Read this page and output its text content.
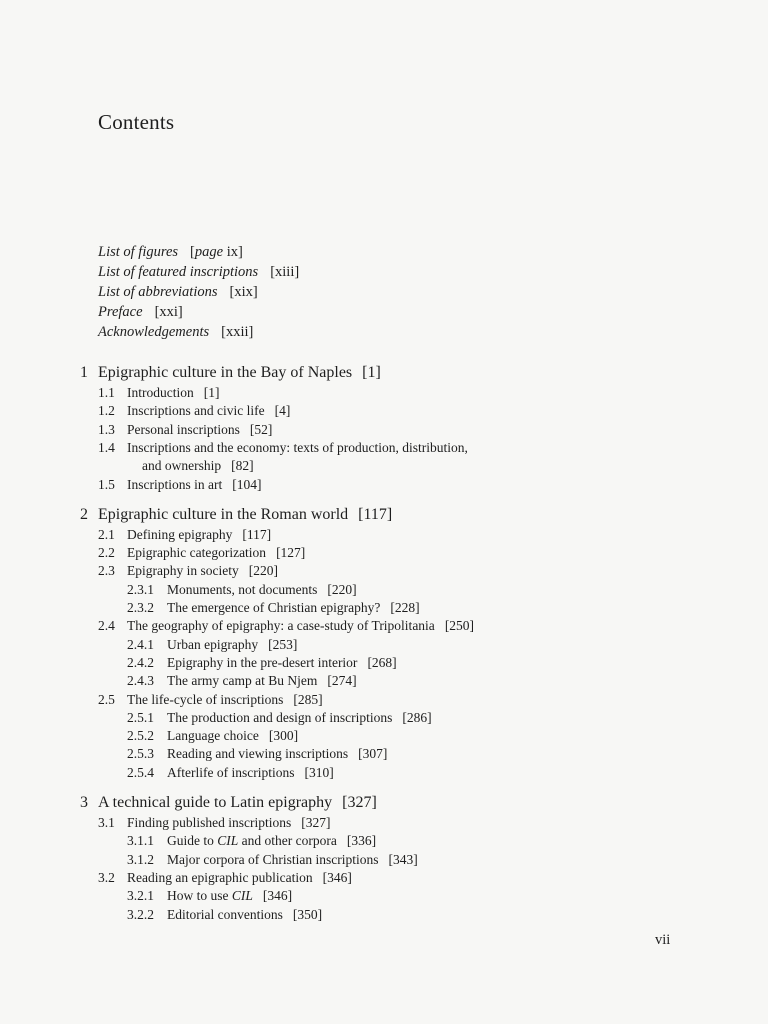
Contents
List of figures [page ix]
List of featured inscriptions [xiii]
List of abbreviations [xix]
Preface [xxi]
Acknowledgements [xxii]
1 Epigraphic culture in the Bay of Naples [1]
1.1 Introduction [1]
1.2 Inscriptions and civic life [4]
1.3 Personal inscriptions [52]
1.4 Inscriptions and the economy: texts of production, distribution,
and ownership [82]
1.5 Inscriptions in art [104]
2 Epigraphic culture in the Roman world [117]
2.1 Defining epigraphy [117]
2.2 Epigraphic categorization [127]
2.3 Epigraphy in society [220]
2.3.1 Monuments, not documents [220]
2.3.2 The emergence of Christian epigraphy? [228]
2.4 The geography of epigraphy: a case-study of Tripolitania [250]
2.4.1 Urban epigraphy [253]
2.4.2 Epigraphy in the pre-desert interior [268]
2.4.3 The army camp at Bu Njem [274]
2.5 The life-cycle of inscriptions [285]
2.5.1 The production and design of inscriptions [286]
2.5.2 Language choice [300]
2.5.3 Reading and viewing inscriptions [307]
2.5.4 Afterlife of inscriptions [310]
3 A technical guide to Latin epigraphy [327]
3.1 Finding published inscriptions [327]
3.1.1 Guide to CIL and other corpora [336]
3.1.2 Major corpora of Christian inscriptions [343]
3.2 Reading an epigraphic publication [346]
3.2.1 How to use CIL [346]
3.2.2 Editorial conventions [350]
vii
